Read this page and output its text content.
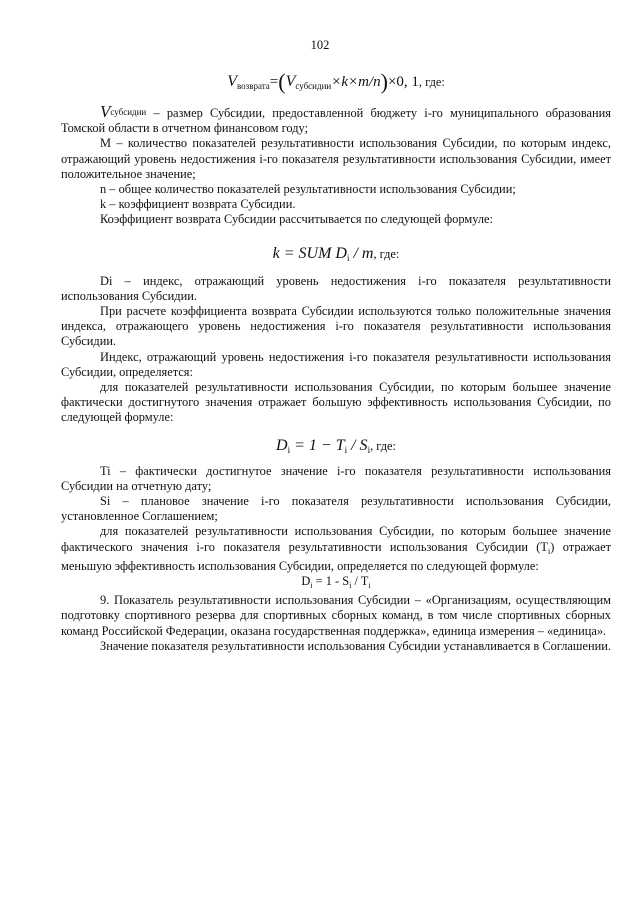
102
$V_{возврата}=(V_{субсидии}\times k\times m/n)\times 0$, 1, где:

$V^{субсидии}$ – размер Субсидии, предоставленной бюджету i-го муниципального образования Томской области в отчетном финансовом году;

M – количество показателей результативности использования Субсидии, по которым индекс, отражающий уровень недостижения i-го показателя результативности использования Субсидии, имеет положительное значение;

n – общее количество показателей результативности использования Субсидии;

k – коэффициент возврата Субсидии.

Коэффициент возврата Субсидии рассчитывается по следующей формуле:

k = SUM $D_i$ / m, где:

Di – индекс, отражающий уровень недостижения i-го показателя результативности использования Субсидии.

При расчете коэффициента возврата Субсидии используются только положительные значения индекса, отражающего уровень недостижения i-го показателя результативности использования Субсидии.

Индекс, отражающий уровень недостижения i-го показателя результативности использования Субсидии, определяется:

для показателей результативности использования Субсидии, по которым большее значение фактически достигнутого значения отражает большую эффективность использования Субсидии, по следующей формуле:

$D_i = 1 - T_i / S_i$, где:

Ti – фактически достигнутое значение i-го показателя результативности использования Субсидии на отчетную дату;

Si – плановое значение i-го показателя результативности использования Субсидии, установленное Соглашением;

для показателей результативности использования Субсидии, по которым большее значение фактического значения i-го показателя результативности использования Субсидии $(T_i)$ отражает меньшую эффективность использования Субсидии, определяется по следующей формуле:

$D_i = 1 - S_i / T_i$

9. Показатель результативности использования Субсидии – «Организациям, осуществляющим подготовку спортивного резерва для спортивных сборных команд, в том числе спортивных сборных команд Российской Федерации, оказана государственная поддержка», единица измерения – «единица».

Значение показателя результативности использования Субсидии устанавливается в Соглашении.
